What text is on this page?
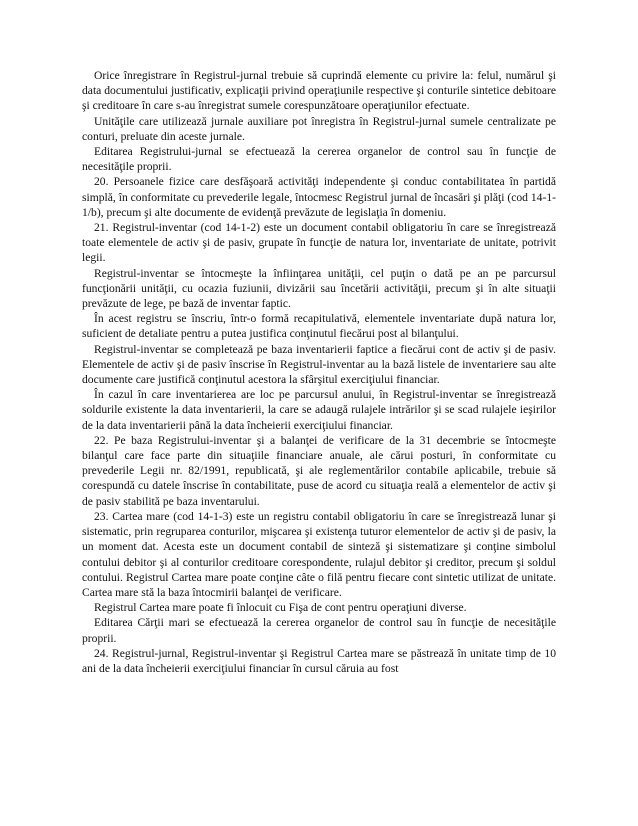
Orice înregistrare în Registrul-jurnal trebuie să cuprindă elemente cu privire la: felul, numărul şi data documentului justificativ, explicaţii privind operaţiunile respective şi conturile sintetice debitoare şi creditoare în care s-au înregistrat sumele corespunzătoare operaţiunilor efectuate.

Unităţile care utilizează jurnale auxiliare pot înregistra în Registrul-jurnal sumele centralizate pe conturi, preluate din aceste jurnale.

Editarea Registrului-jurnal se efectuează la cererea organelor de control sau în funcţie de necesităţile proprii.

20. Persoanele fizice care desfăşoară activităţi independente şi conduc contabilitatea în partidă simplă, în conformitate cu prevederile legale, întocmesc Registrul jurnal de încasări şi plăţi (cod 14-1-1/b), precum şi alte documente de evidenţă prevăzute de legislaţia în domeniu.

21. Registrul-inventar (cod 14-1-2) este un document contabil obligatoriu în care se înregistrează toate elementele de activ şi de pasiv, grupate în funcţie de natura lor, inventariate de unitate, potrivit legii.

Registrul-inventar se întocmeşte la înfiinţarea unităţii, cel puţin o dată pe an pe parcursul funcţionării unităţii, cu ocazia fuziunii, divizării sau încetării activităţii, precum şi în alte situaţii prevăzute de lege, pe bază de inventar faptic.

În acest registru se înscriu, într-o formă recapitulativă, elementele inventariate după natura lor, suficient de detaliate pentru a putea justifica conţinutul fiecărui post al bilanţului.

Registrul-inventar se completează pe baza inventarierii faptice a fiecărui cont de activ şi de pasiv. Elementele de activ şi de pasiv înscrise în Registrul-inventar au la bază listele de inventariere sau alte documente care justifică conţinutul acestora la sfârşitul exerciţiului financiar.

În cazul în care inventarierea are loc pe parcursul anului, în Registrul-inventar se înregistrează soldurile existente la data inventarierii, la care se adaugă rulajele intrărilor şi se scad rulajele ieşirilor de la data inventarierii până la data încheierii exerciţiului financiar.

22. Pe baza Registrului-inventar şi a balanţei de verificare de la 31 decembrie se întocmeşte bilanţul care face parte din situaţiile financiare anuale, ale cărui posturi, în conformitate cu prevederile Legii nr. 82/1991, republicată, şi ale reglementărilor contabile aplicabile, trebuie să corespundă cu datele înscrise în contabilitate, puse de acord cu situaţia reală a elementelor de activ şi de pasiv stabilită pe baza inventarului.

23. Cartea mare (cod 14-1-3) este un registru contabil obligatoriu în care se înregistrează lunar şi sistematic, prin regruparea conturilor, mişcarea şi existenţa tuturor elementelor de activ şi de pasiv, la un moment dat. Acesta este un document contabil de sinteză şi sistematizare şi conţine simbolul contului debitor şi al conturilor creditoare corespondente, rulajul debitor şi creditor, precum şi soldul contului. Registrul Cartea mare poate conţine câte o filă pentru fiecare cont sintetic utilizat de unitate. Cartea mare stă la baza întocmirii balanţei de verificare.

Registrul Cartea mare poate fi înlocuit cu Fişa de cont pentru operaţiuni diverse.

Editarea Cărţii mari se efectuează la cererea organelor de control sau în funcţie de necesităţile proprii.

24. Registrul-jurnal, Registrul-inventar şi Registrul Cartea mare se păstrează în unitate timp de 10 ani de la data încheierii exerciţiului financiar în cursul căruia au fost
